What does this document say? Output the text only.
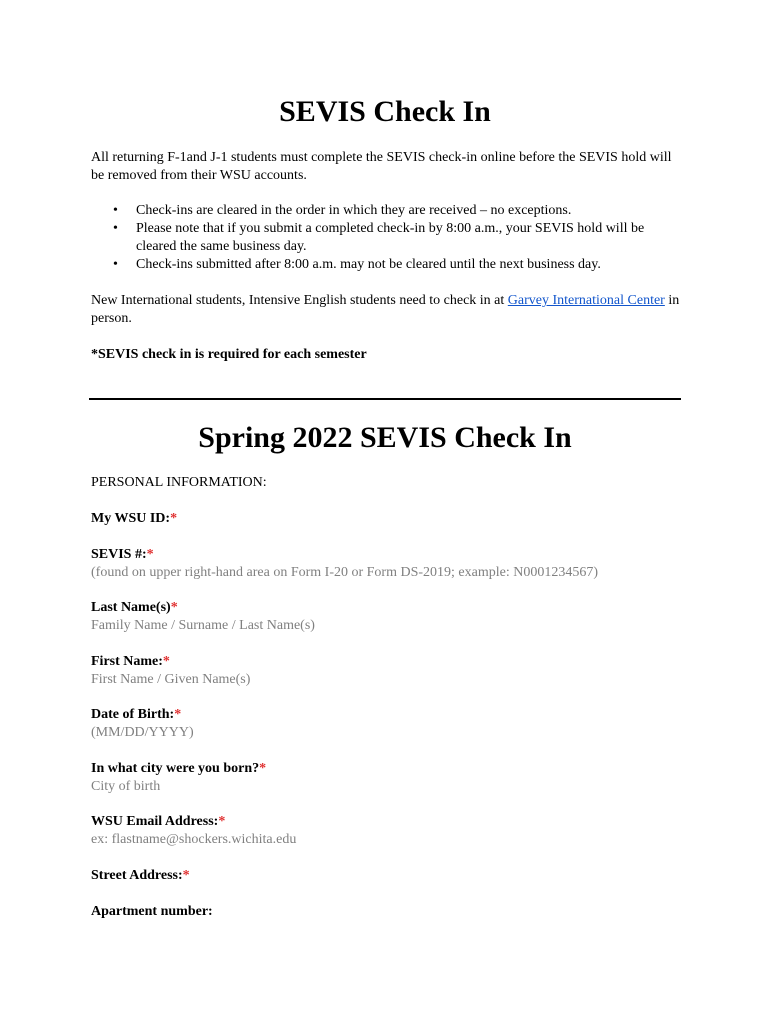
SEVIS Check In

All returning F-1and J-1 students must complete the SEVIS check-in online before the SEVIS hold will be removed from their WSU accounts.

•	Check-ins are cleared in the order in which they are received – no exceptions.
•	Please note that if you submit a completed check-in by 8:00 a.m., your SEVIS hold will be cleared the same business day.
•	Check-ins submitted after 8:00 a.m. may not be cleared until the next business day.

New International students, Intensive English students need to check in at Garvey International Center in person.

*SEVIS check in is required for each semester

Spring 2022 SEVIS Check In

PERSONAL INFORMATION:

My WSU ID:*
SEVIS #:*
(found on upper right-hand area on Form I-20 or Form DS-2019; example: N0001234567)
Last Name(s)*
Family Name / Surname / Last Name(s)
First Name:*
First Name / Given Name(s)
Date of Birth:*
(MM/DD/YYYY)
In what city were you born?*
City of birth
WSU Email Address:*
ex: flastname@shockers.wichita.edu
Street Address:*
Apartment number:
